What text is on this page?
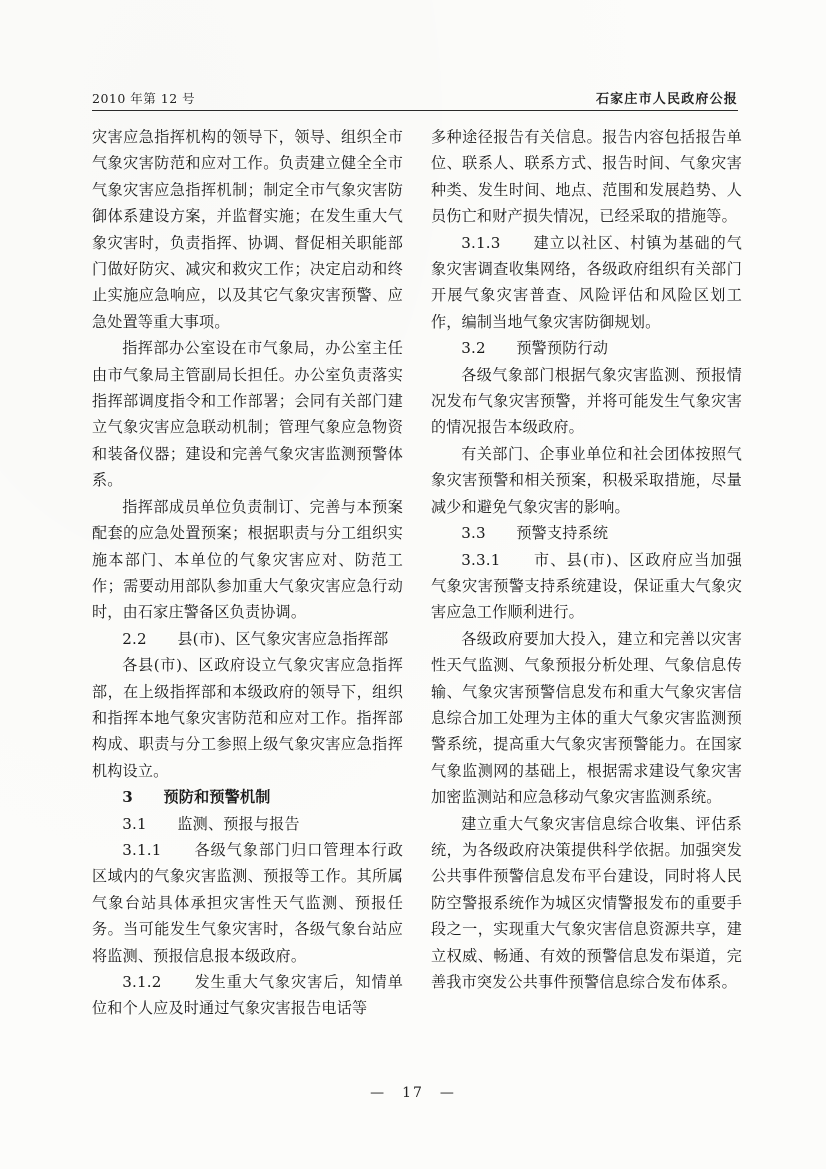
2010 年第 12 号	石家庄市人民政府公报

灾害应急指挥机构的领导下，领导、组织全市气象灾害防范和应对工作。负责建立健全全市气象灾害应急指挥机制；制定全市气象灾害防御体系建设方案，并监督实施；在发生重大气象灾害时，负责指挥、协调、督促相关职能部门做好防灾、减灾和救灾工作；决定启动和终止实施应急响应，以及其它气象灾害预警、应急处置等重大事项。

指挥部办公室设在市气象局，办公室主任由市气象局主管副局长担任。办公室负责落实指挥部调度指令和工作部署；会同有关部门建立气象灾害应急联动机制；管理气象应急物资和装备仪器；建设和完善气象灾害监测预警体系。

指挥部成员单位负责制订、完善与本预案配套的应急处置预案；根据职责与分工组织实施本部门、本单位的气象灾害应对、防范工作；需要动用部队参加重大气象灾害应急行动时，由石家庄警备区负责协调。

2.2　　县(市)、区气象灾害应急指挥部

各县(市)、区政府设立气象灾害应急指挥部，在上级指挥部和本级政府的领导下，组织和指挥本地气象灾害防范和应对工作。指挥部构成、职责与分工参照上级气象灾害应急指挥机构设立。

3　　预防和预警机制

3.1　　监测、预报与报告

3.1.1　　各级气象部门归口管理本行政区域内的气象灾害监测、预报等工作。其所属气象台站具体承担灾害性天气监测、预报任务。当可能发生气象灾害时，各级气象台站应将监测、预报信息报本级政府。

3.1.2　　发生重大气象灾害后，知情单位和个人应及时通过气象灾害报告电话等

多种途径报告有关信息。报告内容包括报告单位、联系人、联系方式、报告时间、气象灾害种类、发生时间、地点、范围和发展趋势、人员伤亡和财产损失情况，已经采取的措施等。

3.1.3　　建立以社区、村镇为基础的气象灾害调查收集网络，各级政府组织有关部门开展气象灾害普查、风险评估和风险区划工作，编制当地气象灾害防御规划。

3.2　　预警预防行动

各级气象部门根据气象灾害监测、预报情况发布气象灾害预警，并将可能发生气象灾害的情况报告本级政府。

有关部门、企事业单位和社会团体按照气象灾害预警和相关预案，积极采取措施，尽量减少和避免气象灾害的影响。

3.3　　预警支持系统

3.3.1　　市、县(市)、区政府应当加强气象灾害预警支持系统建设，保证重大气象灾害应急工作顺利进行。

各级政府要加大投入，建立和完善以灾害性天气监测、气象预报分析处理、气象信息传输、气象灾害预警信息发布和重大气象灾害信息综合加工处理为主体的重大气象灾害监测预警系统，提高重大气象灾害预警能力。在国家气象监测网的基础上，根据需求建设气象灾害加密监测站和应急移动气象灾害监测系统。

建立重大气象灾害信息综合收集、评估系统，为各级政府决策提供科学依据。加强突发公共事件预警信息发布平台建设，同时将人民防空警报系统作为城区灾情警报发布的重要手段之一，实现重大气象灾害信息资源共享，建立权威、畅通、有效的预警信息发布渠道，完善我市突发公共事件预警信息综合发布体系。

—　17　—
